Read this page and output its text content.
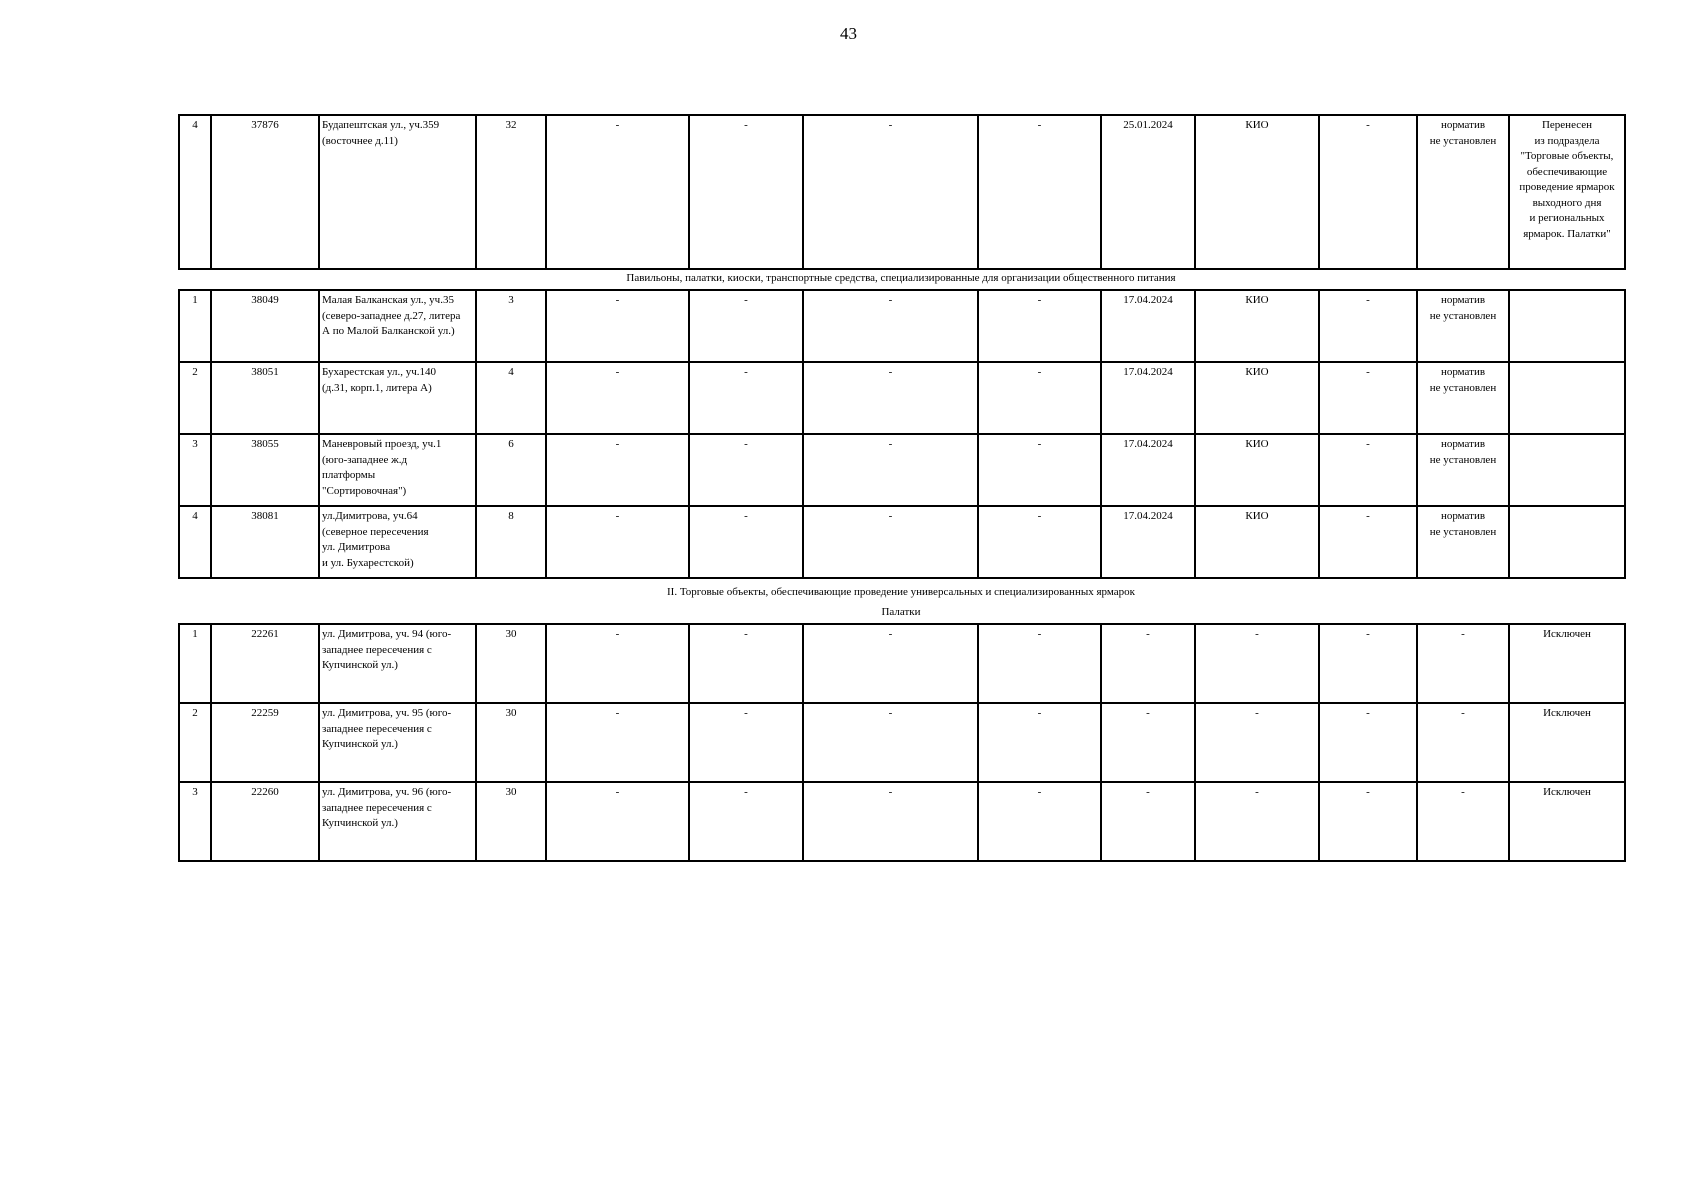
43
4	37876	Будапештская ул., уч.359
(восточнее д.11)	32	-	-	-	-	25.01.2024	КИО	-	норматив
не установлен	Перенесен
из подраздела
"Торговые объекты,
обеспечивающие
проведение ярмарок
выходного дня
и региональных
ярмарок. Палатки"
Павильоны, палатки, киоски, транспортные средства, специализированные для организации общественного питания
1	38049	Малая Балканская ул., уч.35
(северо-западнее д.27, литера
А по Малой Балканской ул.)	3	-	-	-	-	17.04.2024	КИО	-	норматив
не установлен	
2	38051	Бухарестская ул., уч.140
(д.31, корп.1, литера А)	4	-	-	-	-	17.04.2024	КИО	-	норматив
не установлен	
3	38055	Маневровый проезд, уч.1
(юго-западнее ж.д
платформы
"Сортировочная")	6	-	-	-	-	17.04.2024	КИО	-	норматив
не установлен	
4	38081	ул.Димитрова, уч.64
(северное пересечения
ул. Димитрова
и ул. Бухарестской)	8	-	-	-	-	17.04.2024	КИО	-	норматив
не установлен	
II. Торговые объекты, обеспечивающие проведение универсальных и специализированных ярмарок
Палатки
1	22261	ул. Димитрова, уч. 94 (юго-
западнее пересечения с
Купчинской ул.)	30	-	-	-	-	-	-	-	-	Исключен
2	22259	ул. Димитрова, уч. 95 (юго-
западнее пересечения с
Купчинской ул.)	30	-	-	-	-	-	-	-	-	Исключен
3	22260	ул. Димитрова, уч. 96 (юго-
западнее пересечения с
Купчинской ул.)	30	-	-	-	-	-	-	-	-	Исключен
